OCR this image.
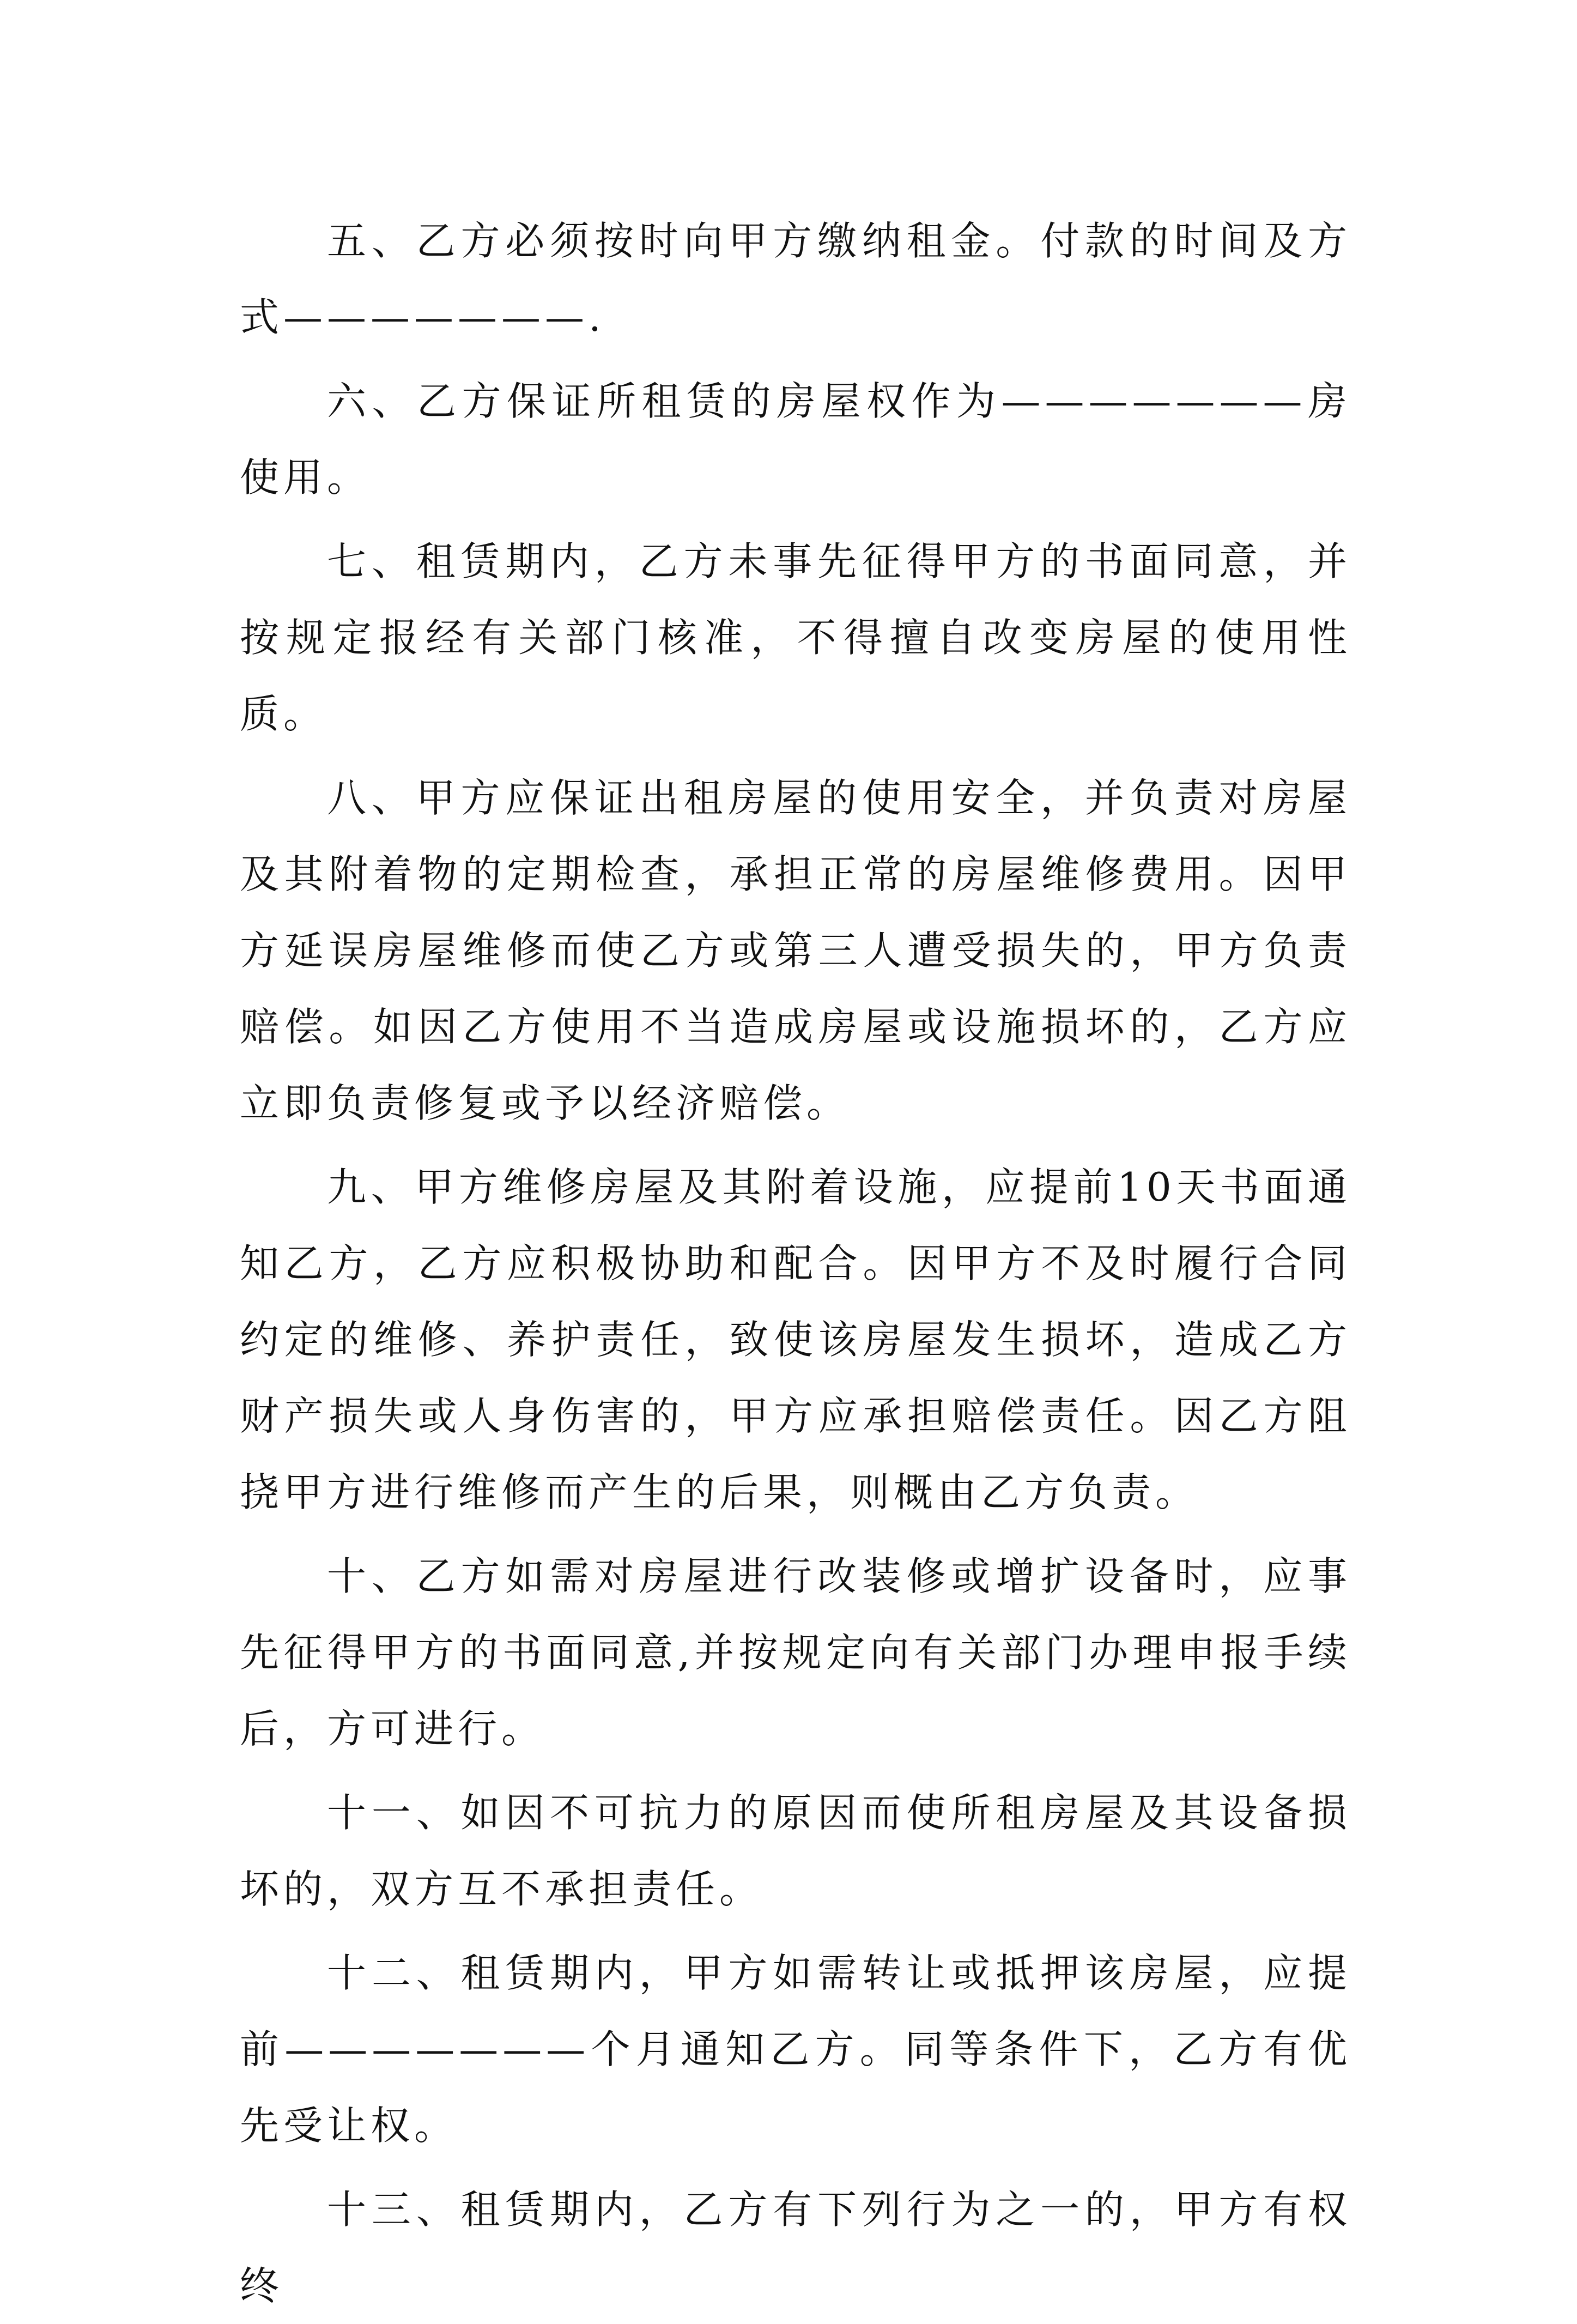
五、乙方必须按时向甲方缴纳租金。付款的时间及方式———————.

六、乙方保证所租赁的房屋权作为———————房使用。

七、租赁期内，乙方未事先征得甲方的书面同意，并按规定报经有关部门核准，不得擅自改变房屋的使用性质。

八、甲方应保证出租房屋的使用安全，并负责对房屋及其附着物的定期检查，承担正常的房屋维修费用。因甲方延误房屋维修而使乙方或第三人遭受损失的，甲方负责赔偿。如因乙方使用不当造成房屋或设施损坏的，乙方应立即负责修复或予以经济赔偿。

九、甲方维修房屋及其附着设施，应提前10天书面通知乙方，乙方应积极协助和配合。因甲方不及时履行合同约定的维修、养护责任，致使该房屋发生损坏，造成乙方财产损失或人身伤害的，甲方应承担赔偿责任。因乙方阻挠甲方进行维修而产生的后果，则概由乙方负责。

十、乙方如需对房屋进行改装修或增扩设备时，应事先征得甲方的书面同意,并按规定向有关部门办理申报手续后，方可进行。

十一、如因不可抗力的原因而使所租房屋及其设备损坏的，双方互不承担责任。

十二、租赁期内，甲方如需转让或抵押该房屋，应提前———————个月通知乙方。同等条件下，乙方有优先受让权。

十三、租赁期内，乙方有下列行为之一的，甲方有权终
